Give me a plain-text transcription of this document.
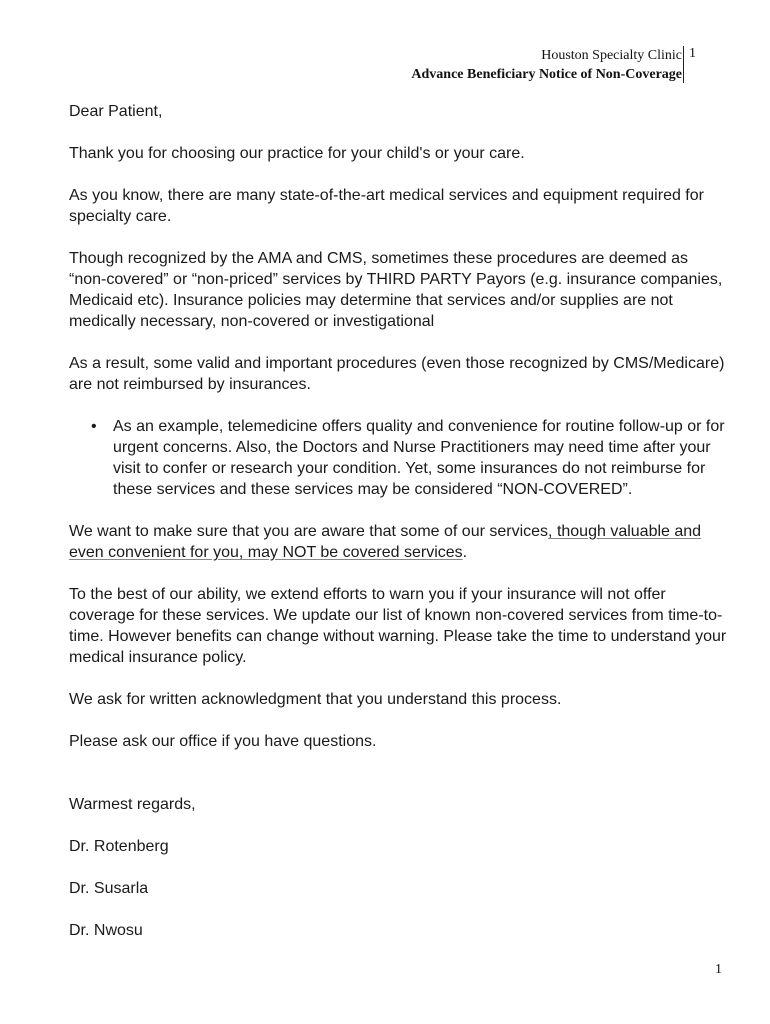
Houston Specialty Clinic
Advance Beneficiary Notice of Non-Coverage
1

Dear Patient,

Thank you for choosing our practice for your child's or your care.

As you know, there are many state-of-the-art medical services and equipment required for specialty care.

Though recognized by the AMA and CMS, sometimes these procedures are deemed as “non-covered” or “non-priced” services by THIRD PARTY Payors (e.g. insurance companies, Medicaid etc). Insurance policies may determine that services and/or supplies are not medically necessary, non-covered or investigational

As a result, some valid and important procedures (even those recognized by CMS/Medicare) are not reimbursed by insurances.

• As an example, telemedicine offers quality and convenience for routine follow-up or for urgent concerns. Also, the Doctors and Nurse Practitioners may need time after your visit to confer or research your condition. Yet, some insurances do not reimburse for these services and these services may be considered “NON-COVERED”.

We want to make sure that you are aware that some of our services, though valuable and even convenient for you, may NOT be covered services.

To the best of our ability, we extend efforts to warn you if your insurance will not offer coverage for these services. We update our list of known non-covered services from time-to-time. However benefits can change without warning. Please take the time to understand your medical insurance policy.

We ask for written acknowledgment that you understand this process.

Please ask our office if you have questions.

Warmest regards,

Dr. Rotenberg

Dr. Susarla

Dr. Nwosu

1
